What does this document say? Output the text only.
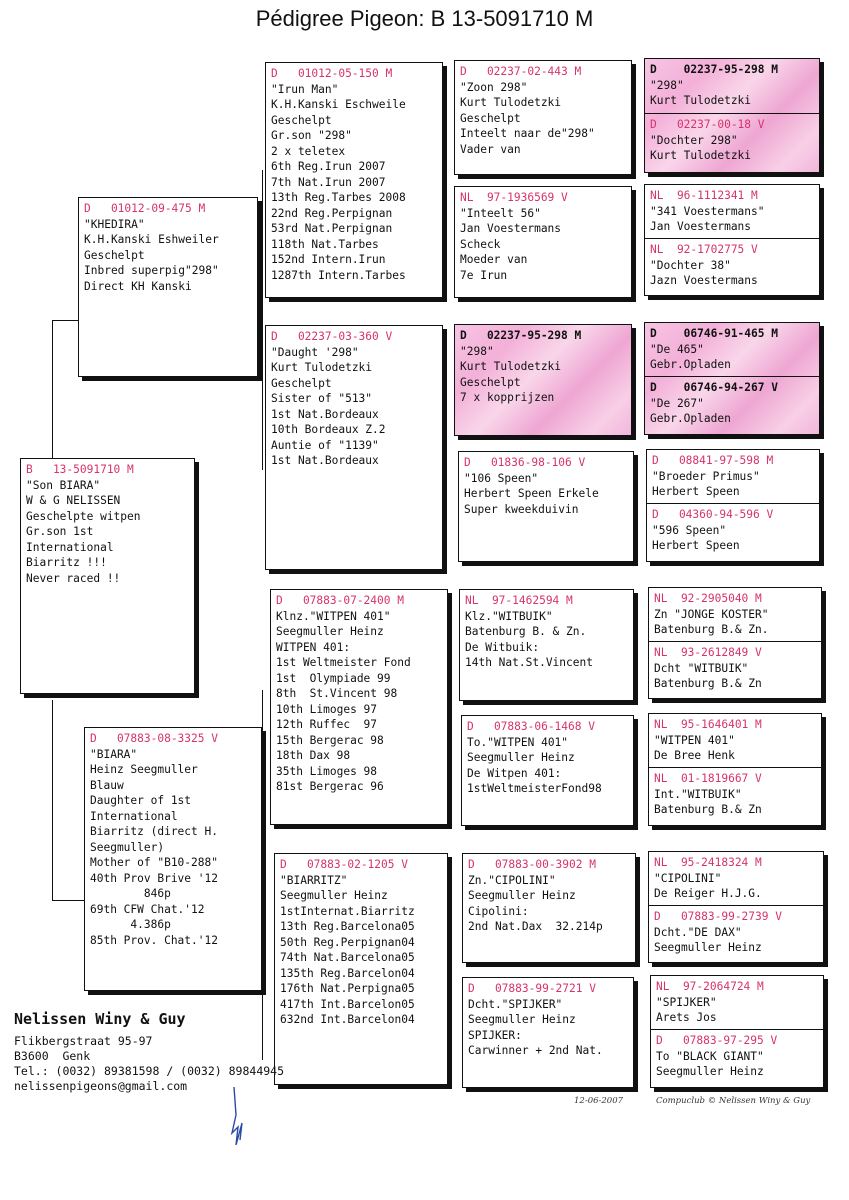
Pédigree Pigeon: B 13-5091710 M
B   13-5091710 M
"Son BIARA"
W & G NELISSEN
Geschelpte witpen
Gr.son 1st
International
Biarritz !!!
Never raced !!
D   01012-09-475 M
"KHEDIRA"
K.H.Kanski Eshweiler
Geschelpt
Inbred superpig"298"
Direct KH Kanski
D   07883-08-3325 V
"BIARA"
Heinz Seegmuller
Blauw
Daughter of 1st
International
Biarritz (direct H.
Seegmuller)
Mother of "B10-288"
40th Prov Brive '12
846p
69th CFW Chat.'12
4.386p
85th Prov. Chat.'12
D   01012-05-150 M
"Irun Man"
K.H.Kanski Eschweile
Geschelpt
Gr.son "298"
2 x teletex
6th Reg.Irun 2007
7th Nat.Irun 2007
13th Reg.Tarbes 2008
22nd Reg.Perpignan
53rd Nat.Perpignan
118th Nat.Tarbes
152nd Intern.Irun
1287th Intern.Tarbes
D   02237-03-360 V
"Daught '298"
Kurt Tulodetzki
Geschelpt
Sister of "513"
1st Nat.Bordeaux
10th Bordeaux Z.2
Auntie of "1139"
1st Nat.Bordeaux
D   07883-07-2400 M
Klnz."WITPEN 401"
Seegmuller Heinz
WITPEN 401:
1st Weltmeister Fond
1st  Olympiade 99
8th  St.Vincent 98
10th Limoges 97
12th Ruffec  97
15th Bergerac 98
18th Dax 98
35th Limoges 98
81st Bergerac 96
D   07883-02-1205 V
"BIARRITZ"
Seegmuller Heinz
1stInternat.Biarritz
13th Reg.Barcelona05
50th Reg.Perpignan04
74th Nat.Barcelona05
135th Reg.Barcelon04
176th Nat.Perpigna05
417th Int.Barcelon05
632nd Int.Barcelon04
D   02237-02-443 M
"Zoon 298"
Kurt Tulodetzki
Geschelpt
Inteelt naar de"298"
Vader van
NL  97-1936569 V
"Inteelt 56"
Jan Voestermans
Scheck
Moeder van
7e Irun
D   02237-95-298 M
"298"
Kurt Tulodetzki
Geschelpt
7 x kopprijzen
D   01836-98-106 V
"106 Speen"
Herbert Speen Erkele
Super kweekduivin
NL  97-1462594 M
Klz."WITBUIK"
Batenburg B. & Zn.
De Witbuik:
14th Nat.St.Vincent
D   07883-06-1468 V
To."WITPEN 401"
Seegmuller Heinz
De Witpen 401:
1stWeltmeisterFond98
D   07883-00-3902 M
Zn."CIPOLINI"
Seegmuller Heinz
Cipolini:
2nd Nat.Dax  32.214p
D   07883-99-2721 V
Dcht."SPIJKER"
Seegmuller Heinz
SPIJKER:
Carwinner + 2nd Nat.
D    02237-95-298 M
"298"
Kurt Tulodetzki
D   02237-00-18 V
"Dochter 298"
Kurt Tulodetzki
NL  96-1112341 M
"341 Voestermans"
Jan Voestermans
NL  92-1702775 V
"Dochter 38"
Jazn Voestermans
D    06746-91-465 M
"De 465"
Gebr.Opladen
D    06746-94-267 V
"De 267"
Gebr.Opladen
D   08841-97-598 M
"Broeder Primus"
Herbert Speen
D   04360-94-596 V
"596 Speen"
Herbert Speen
NL  92-2905040 M
Zn "JONGE KOSTER"
Batenburg B.& Zn.
NL  93-2612849 V
Dcht "WITBUIK"
Batenburg B.& Zn
NL  95-1646401 M
"WITPEN 401"
De Bree Henk
NL  01-1819667 V
Int."WITBUIK"
Batenburg B.& Zn
NL  95-2418324 M
"CIPOLINI"
De Reiger H.J.G.
D   07883-99-2739 V
Dcht."DE DAX"
Seegmuller Heinz
NL  97-2064724 M
"SPIJKER"
Arets Jos
D   07883-97-295 V
To "BLACK GIANT"
Seegmuller Heinz
Nelissen Winy & Guy
Flikbergstraat 95-97
B3600  Genk
Tel.: (0032) 89381598 / (0032) 89844945
nelissenpigeons@gmail.com
12-06-2007	Compuclub © Nelissen Winy & Guy
